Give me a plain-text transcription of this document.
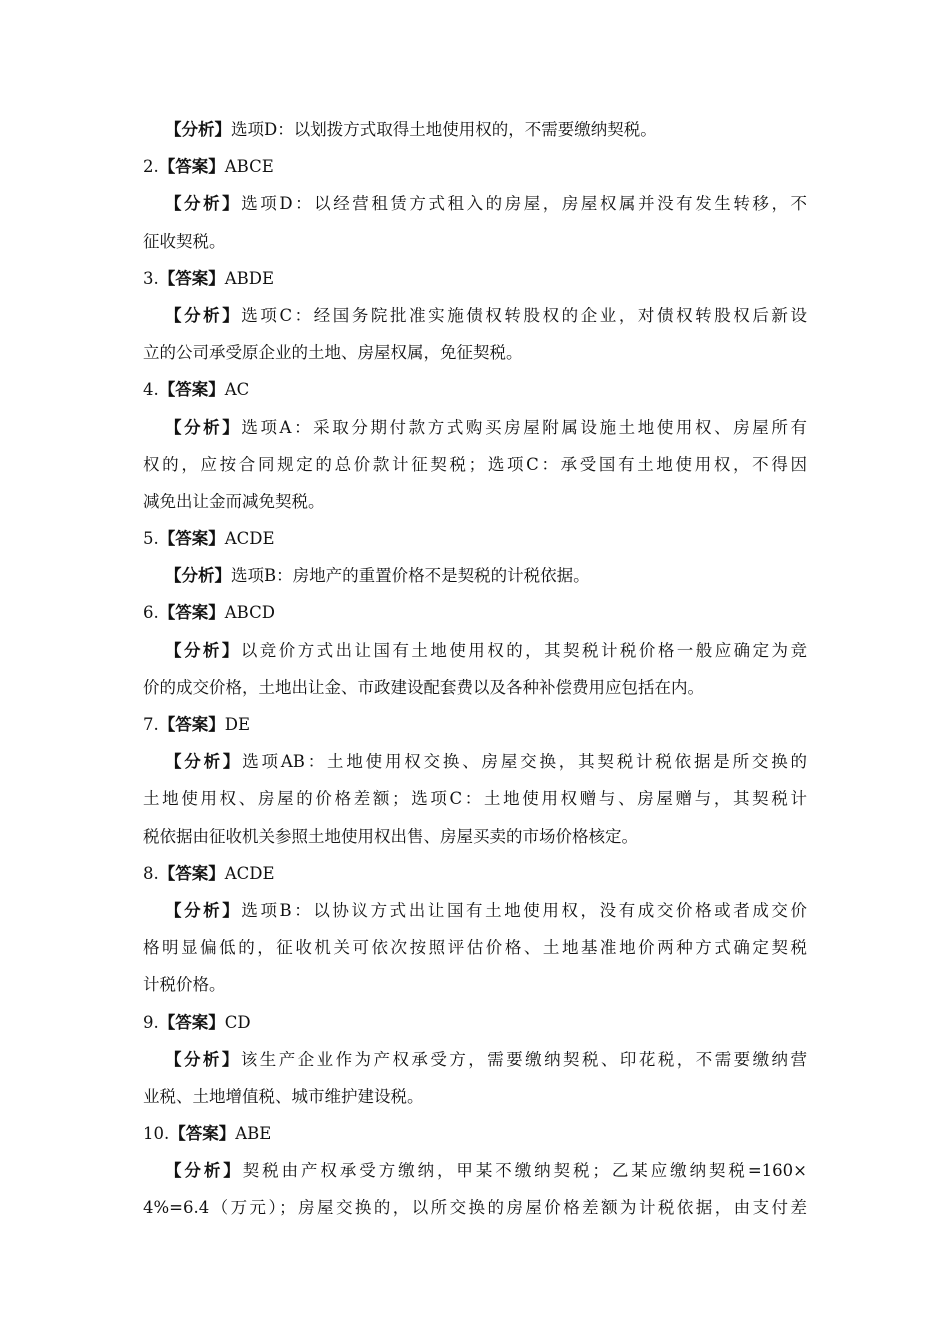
【分析】选项D：以划拨方式取得土地使用权的，不需要缴纳契税。
2.【答案】ABCE
【分析】选项D：以经营租赁方式租入的房屋，房屋权属并没有发生转移，不
征收契税。
3.【答案】ABDE
【分析】选项C：经国务院批准实施债权转股权的企业，对债权转股权后新设
立的公司承受原企业的土地、房屋权属，免征契税。
4.【答案】AC
【分析】选项A：采取分期付款方式购买房屋附属设施土地使用权、房屋所有
权的，应按合同规定的总价款计征契税；选项C：承受国有土地使用权，不得因
减免出让金而减免契税。
5.【答案】ACDE
【分析】选项B：房地产的重置价格不是契税的计税依据。
6.【答案】ABCD
【分析】以竞价方式出让国有土地使用权的，其契税计税价格一般应确定为竞
价的成交价格，土地出让金、市政建设配套费以及各种补偿费用应包括在内。
7.【答案】DE
【分析】选项AB：土地使用权交换、房屋交换，其契税计税依据是所交换的
土地使用权、房屋的价格差额；选项C：土地使用权赠与、房屋赠与，其契税计
税依据由征收机关参照土地使用权出售、房屋买卖的市场价格核定。
8.【答案】ACDE
【分析】选项B：以协议方式出让国有土地使用权，没有成交价格或者成交价
格明显偏低的，征收机关可依次按照评估价格、土地基准地价两种方式确定契税
计税价格。
9.【答案】CD
【分析】该生产企业作为产权承受方，需要缴纳契税、印花税，不需要缴纳营
业税、土地增值税、城市维护建设税。
10.【答案】ABE
【分析】契税由产权承受方缴纳，甲某不缴纳契税；乙某应缴纳契税=160×
4%=6.4（万元）；房屋交换的，以所交换的房屋价格差额为计税依据，由支付差
